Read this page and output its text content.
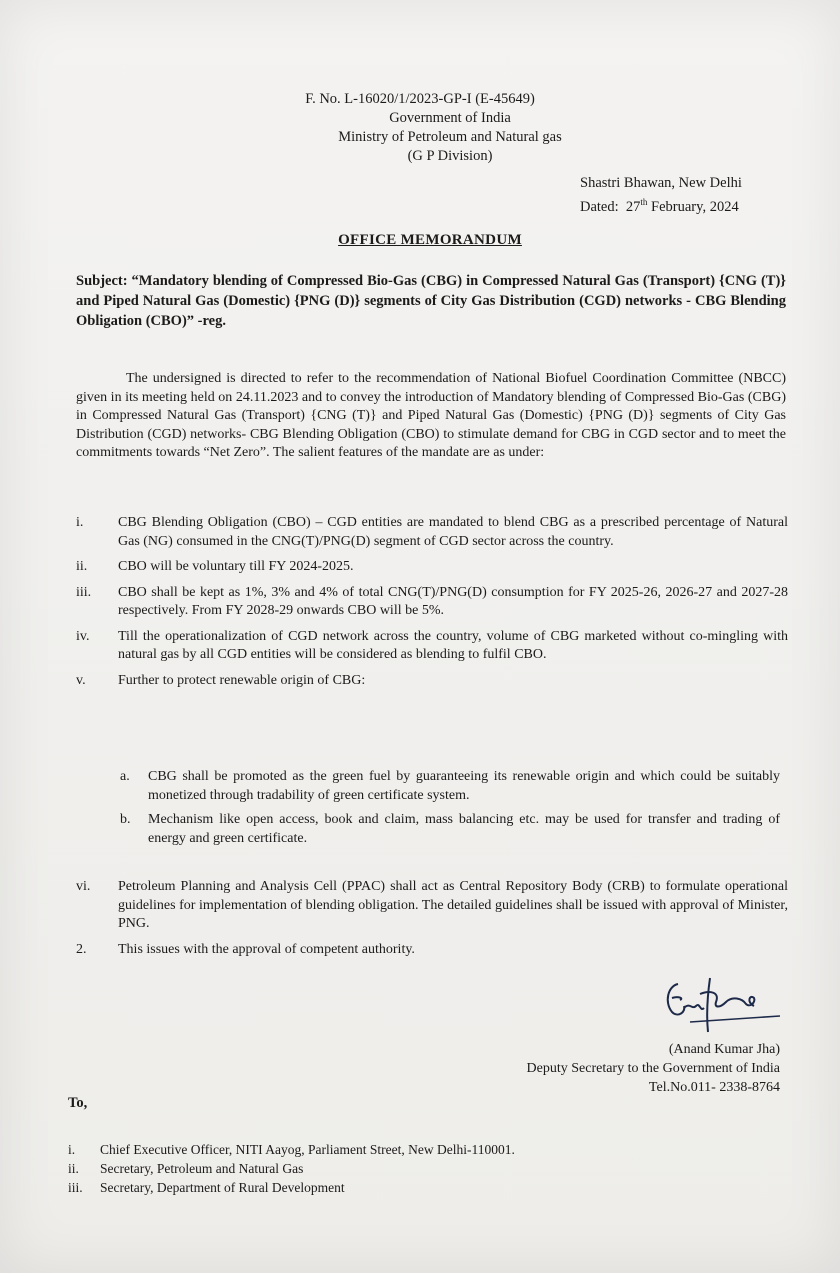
F. No. L-16020/1/2023-GP-I (E-45649)
Government of India
Ministry of Petroleum and Natural gas
(G P Division)
Shastri Bhawan, New Delhi
Dated: 27th February, 2024
OFFICE MEMORANDUM
Subject: “Mandatory blending of Compressed Bio-Gas (CBG) in Compressed Natural Gas (Transport) {CNG (T)} and Piped Natural Gas (Domestic) {PNG (D)} segments of City Gas Distribution (CGD) networks - CBG Blending Obligation (CBO)” -reg.
The undersigned is directed to refer to the recommendation of National Biofuel Coordination Committee (NBCC) given in its meeting held on 24.11.2023 and to convey the introduction of Mandatory blending of Compressed Bio-Gas (CBG) in Compressed Natural Gas (Transport) {CNG (T)} and Piped Natural Gas (Domestic) {PNG (D)} segments of City Gas Distribution (CGD) networks- CBG Blending Obligation (CBO) to stimulate demand for CBG in CGD sector and to meet the commitments towards “Net Zero”. The salient features of the mandate are as under:
i. CBG Blending Obligation (CBO) – CGD entities are mandated to blend CBG as a prescribed percentage of Natural Gas (NG) consumed in the CNG(T)/PNG(D) segment of CGD sector across the country.
ii. CBO will be voluntary till FY 2024-2025.
iii. CBO shall be kept as 1%, 3% and 4% of total CNG(T)/PNG(D) consumption for FY 2025-26, 2026-27 and 2027-28 respectively. From FY 2028-29 onwards CBO will be 5%.
iv. Till the operationalization of CGD network across the country, volume of CBG marketed without co-mingling with natural gas by all CGD entities will be considered as blending to fulfil CBO.
v. Further to protect renewable origin of CBG:
a. CBG shall be promoted as the green fuel by guaranteeing its renewable origin and which could be suitably monetized through tradability of green certificate system.
b. Mechanism like open access, book and claim, mass balancing etc. may be used for transfer and trading of energy and green certificate.
vi. Petroleum Planning and Analysis Cell (PPAC) shall act as Central Repository Body (CRB) to formulate operational guidelines for implementation of blending obligation. The detailed guidelines shall be issued with approval of Minister, PNG.
2. This issues with the approval of competent authority.
(Anand Kumar Jha)
Deputy Secretary to the Government of India
Tel.No.011- 2338-8764
To,
i. Chief Executive Officer, NITI Aayog, Parliament Street, New Delhi-110001.
ii. Secretary, Petroleum and Natural Gas
iii. Secretary, Department of Rural Development
